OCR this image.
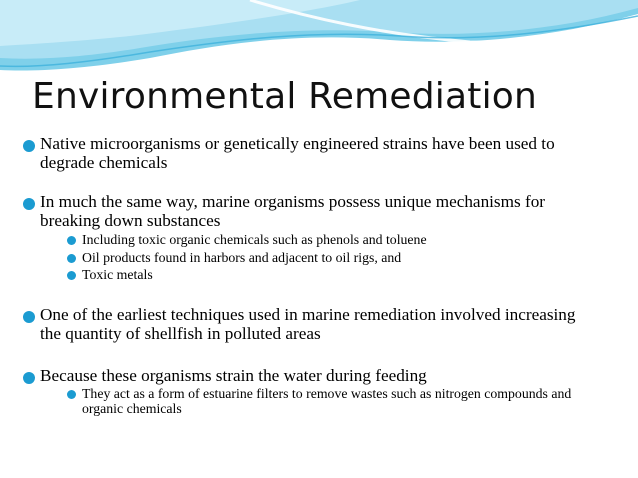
Environmental Remediation
Native microorganisms or genetically engineered strains have been used to degrade chemicals
In much the same way, marine organisms possess unique mechanisms for breaking down substances
Including toxic organic chemicals such as phenols and toluene
Oil products found in harbors and adjacent to oil rigs, and
Toxic metals
One of the earliest techniques used in marine remediation involved increasing the quantity of shellfish in polluted areas
Because these organisms strain the water during feeding
They act as a form of estuarine filters to remove wastes such as nitrogen compounds and organic chemicals
